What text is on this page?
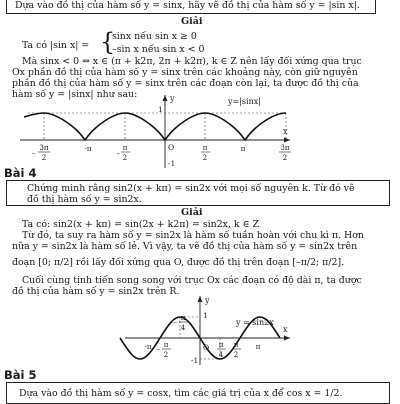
Dựa vào đồ thị của hàm số y = sinx, hãy vẽ đồ thị của hàm số y = |sin x|.
Giải
Ta có |sin x| = {
sinx nếu sin x ≥ 0
–sin x nếu sin x < 0
Mà sinx < 0 ⇔ x ∈ (π + k2π, 2π + k2π), k ∈ Z nên lấy đối xứng qua trục
Ox phần đồ thị của hàm số y = sinx trên các khoảng này, còn giữ nguyên
phần đồ thị của hàm số y = sinx trên các đoạn còn lại, ta được đồ thị của
hàm số y = |sinx| như sau:	y
x
1
-1
O
y=|sinx|
3π
2
–	-π	–
π
2
π
2
π	3π
2
Bài 4
Chứng minh rằng sin2(x + kπ) = sin2x với mọi số nguyên k. Từ đó vẽ
đồ thị hàm số y = sin2x.
Giải
Ta có: sin2(x + kπ) = sin(2x + k2π) = sin2x, k ∈ Z
Từ đó, ta suy ra hàm số y = sin2x là hàm số tuần hoàn với chu kì π. Hơn
nữa y = sin2x là hàm số lẻ. Vì vậy, ta vẽ đồ thị của hàm số y = sin2x trên
đoạn [0; π/2] rồi lấy đối xứng qua O, được đồ thị trên đoạn [–π/2; π/2].
Cuối cùng tịnh tiến song song với trục Ox các đoạn có độ dài π, ta được
đồ thị của hàm số y = sin2x trên R.
y
x
1
-1
O
y = sin2x
-π π
2
–
π
4
–
π
4
π
2
π
Bài 5
Dựa vào đồ thị hàm số y = cosx, tìm các giá trị của x để cos x = 1/2.
